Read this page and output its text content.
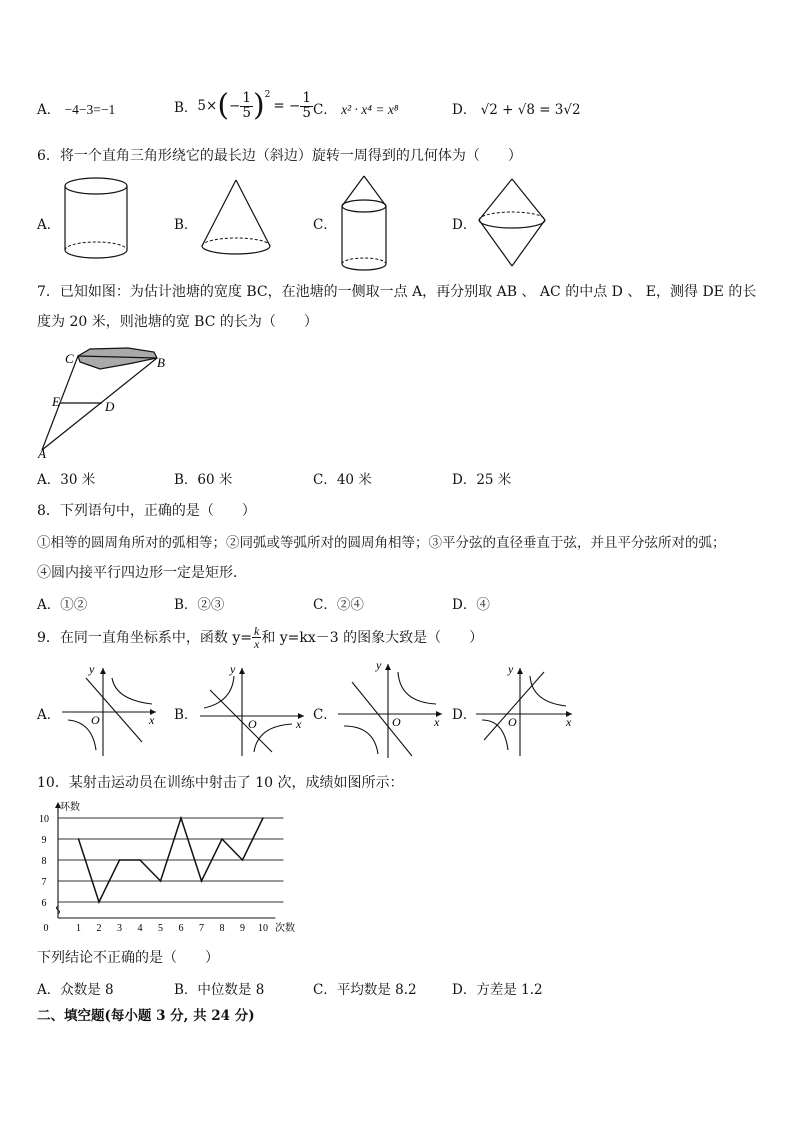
A． −4−3=−1	B． 5× ( − $\frac{1}{5}$ ) 2
= − $\frac{1}{5}$ C． x² · x⁴ = x⁸	D． √2 + √8 = 3√2
6．将一个直角三角形绕它的最长边（斜边）旋转一周得到的几何体为（　　）
A．	B．	C．	D．
7．已知如图：为估计池塘的宽度 BC，在池塘的一侧取一点 A，再分别取 AB 、 AC 的中点 D 、 E，测得 DE 的长
度为 20 米，则池塘的宽 BC 的长为（　　）
C	B
E	D
A
A．30 米	B．60 米	C．40 米	D．25 米
8．下列语句中，正确的是（　　）
①相等的圆周角所对的弧相等；②同弧或等弧所对的圆周角相等；③平分弦的直径垂直于弦，并且平分弦所对的弧；
④圆内接平行四边形一定是矩形．
A．①②	B．②③	C．②④	D．④
9．在同一直角坐标系中，函数 $y= \frac{k}{x}$ 和 y=kx－3 的图象大致是（　　）
A．	B．	C．	D．
y
x
O
y
x
O
y
x
O
y
x
O
10．某射击运动员在训练中射击了 10 次，成绩如图所示：
6
7
8
9
10
1 2 3 4 5 6 7 8 9 10
0
环数
次数
下列结论不正确的是（　　）
A．众数是 8	B．中位数是 8	C．平均数是 8.2	D．方差是 1.2
二、填空题(每小题 3 分, 共 24 分)
